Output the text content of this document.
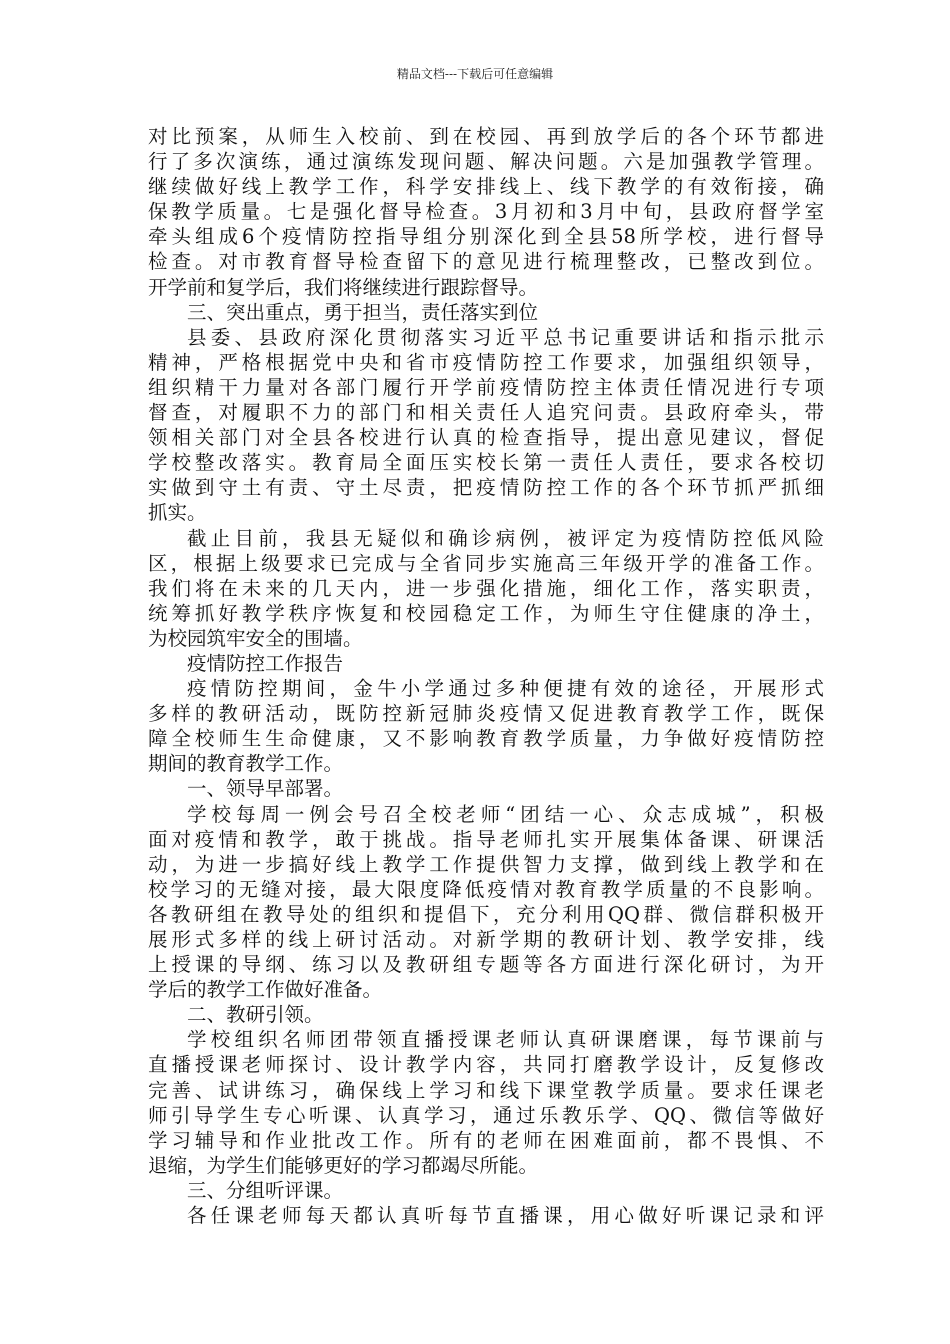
精品文档---下载后可任意编辑
对比预案，从师生入校前、到在校园、再到放学后的各个环节都进
行了多次演练，通过演练发现问题、解决问题。六是加强教学管理。
继续做好线上教学工作，科学安排线上、线下教学的有效衔接，确
保教学质量。七是强化督导检查。3月初和3月中旬，县政府督学室
牵头组成6个疫情防控指导组分别深化到全县58所学校，进行督导
检查。对市教育督导检查留下的意见进行梳理整改，已整改到位。
开学前和复学后，我们将继续进行跟踪督导。
三、突出重点，勇于担当，责任落实到位
县委、县政府深化贯彻落实习近平总书记重要讲话和指示批示
精神，严格根据党中央和省市疫情防控工作要求，加强组织领导，
组织精干力量对各部门履行开学前疫情防控主体责任情况进行专项
督查，对履职不力的部门和相关责任人追究问责。县政府牵头，带
领相关部门对全县各校进行认真的检查指导，提出意见建议，督促
学校整改落实。教育局全面压实校长第一责任人责任，要求各校切
实做到守土有责、守土尽责，把疫情防控工作的各个环节抓严抓细
抓实。
截止目前，我县无疑似和确诊病例，被评定为疫情防控低风险
区，根据上级要求已完成与全省同步实施高三年级开学的准备工作。
我们将在未来的几天内，进一步强化措施，细化工作，落实职责，
统筹抓好教学秩序恢复和校园稳定工作，为师生守住健康的净土，
为校园筑牢安全的围墙。
疫情防控工作报告
疫情防控期间，金牛小学通过多种便捷有效的途径，开展形式
多样的教研活动，既防控新冠肺炎疫情又促进教育教学工作，既保
障全校师生生命健康，又不影响教育教学质量，力争做好疫情防控
期间的教育教学工作。
一、领导早部署。
学校每周一例会号召全校老师“团结一心、众志成城”，积极
面对疫情和教学，敢于挑战。指导老师扎实开展集体备课、研课活
动，为进一步搞好线上教学工作提供智力支撑，做到线上教学和在
校学习的无缝对接，最大限度降低疫情对教育教学质量的不良影响。
各教研组在教导处的组织和提倡下，充分利用QQ群、微信群积极开
展形式多样的线上研讨活动。对新学期的教研计划、教学安排，线
上授课的导纲、练习以及教研组专题等各方面进行深化研讨，为开
学后的教学工作做好准备。
二、教研引领。
学校组织名师团带领直播授课老师认真研课磨课，每节课前与
直播授课老师探讨、设计教学内容，共同打磨教学设计，反复修改
完善、试讲练习，确保线上学习和线下课堂教学质量。要求任课老
师引导学生专心听课、认真学习，通过乐教乐学、QQ、微信等做好
学习辅导和作业批改工作。所有的老师在困难面前，都不畏惧、不
退缩，为学生们能够更好的学习都竭尽所能。
三、分组听评课。
各任课老师每天都认真听每节直播课，用心做好听课记录和评
